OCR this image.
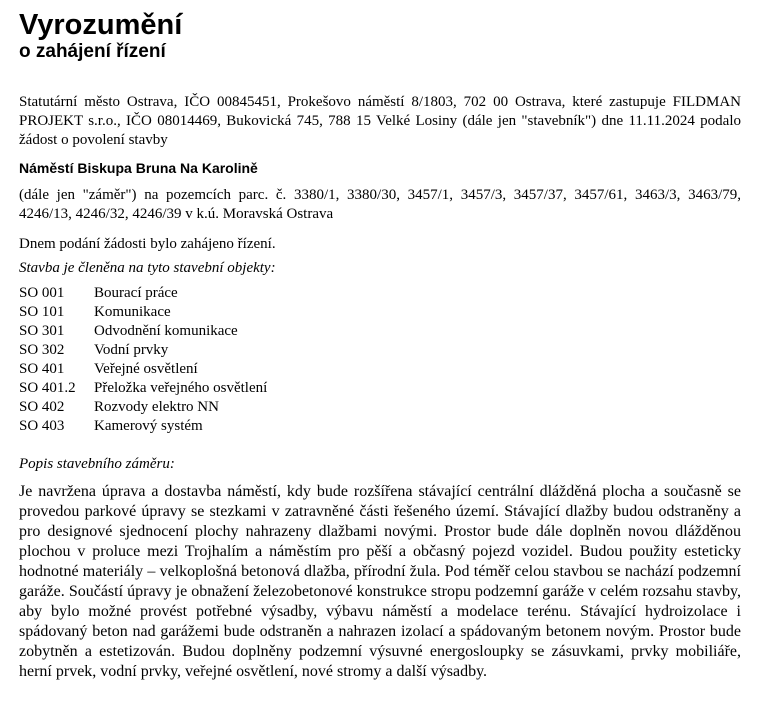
Vyrozumění
o zahájení řízení

Statutární město Ostrava, IČO 00845451, Prokešovo náměstí 8/1803, 702 00 Ostrava, které zastupuje FILDMAN PROJEKT s.r.o., IČO 08014469, Bukovická 745, 788 15 Velké Losiny (dále jen "stavebník") dne 11.11.2024 podalo žádost o povolení stavby

Náměstí Biskupa Bruna Na Karolině

(dále jen "záměr") na pozemcích parc. č. 3380/1, 3380/30, 3457/1, 3457/3, 3457/37, 3457/61, 3463/3, 3463/79, 4246/13, 4246/32, 4246/39 v k.ú. Moravská Ostrava

Dnem podání žádosti bylo zahájeno řízení.

Stavba je členěna na tyto stavební objekty:

SO 001	Bourací práce
SO 101	Komunikace
SO 301	Odvodnění komunikace
SO 302	Vodní prvky
SO 401	Veřejné osvětlení
SO 401.2	Přeložka veřejného osvětlení
SO 402	Rozvody elektro NN
SO 403	Kamerový systém

Popis stavebního záměru:

Je navržena úprava a dostavba náměstí, kdy bude rozšířena stávající centrální dlážděná plocha a současně se provedou parkové úpravy se stezkami v zatravněné části řešeného území. Stávající dlažby budou odstraněny a pro designové sjednocení plochy nahrazeny dlažbami novými. Prostor bude dále doplněn novou dlážděnou plochou v proluce mezi Trojhalím a náměstím pro pěší a občasný pojezd vozidel. Budou použity esteticky hodnotné materiály – velkoplošná betonová dlažba, přírodní žula. Pod téměř celou stavbou se nachází podzemní garáže. Součástí úpravy je obnažení železobetonové konstrukce stropu podzemní garáže v celém rozsahu stavby, aby bylo možné provést potřebné výsadby, výbavu náměstí a modelace terénu. Stávající hydroizolace i spádovaný beton nad garážemi bude odstraněn a nahrazen izolací a spádovaným betonem novým. Prostor bude zobytněn a estetizován. Budou doplněny podzemní výsuvné energosloupky se zásuvkami, prvky mobiliáře, herní prvek, vodní prvky, veřejné osvětlení, nové stromy a další výsadby.
